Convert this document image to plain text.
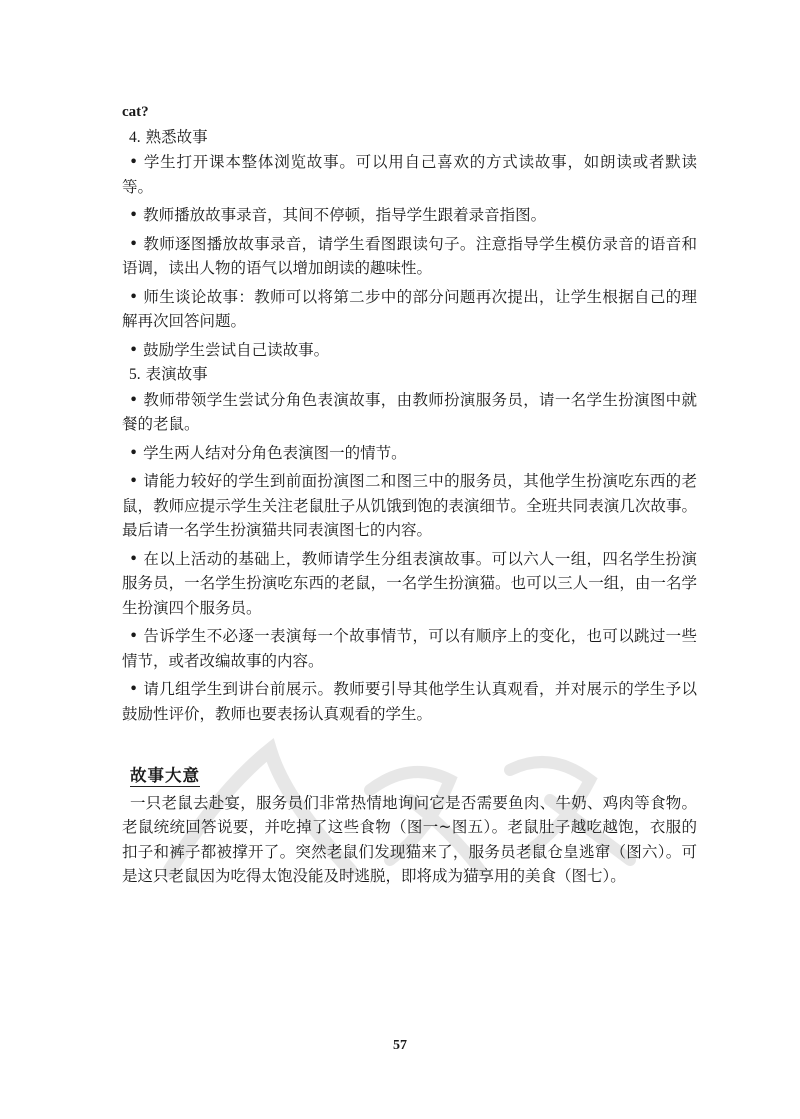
cat?

4. 熟悉故事

• 学生打开课本整体浏览故事。可以用自己喜欢的方式读故事，如朗读或者默读等。

• 教师播放故事录音，其间不停顿，指导学生跟着录音指图。

• 教师逐图播放故事录音，请学生看图跟读句子。注意指导学生模仿录音的语音和语调，读出人物的语气以增加朗读的趣味性。

• 师生谈论故事：教师可以将第二步中的部分问题再次提出，让学生根据自己的理解再次回答问题。

• 鼓励学生尝试自己读故事。

5. 表演故事

• 教师带领学生尝试分角色表演故事，由教师扮演服务员，请一名学生扮演图中就餐的老鼠。

• 学生两人结对分角色表演图一的情节。

• 请能力较好的学生到前面扮演图二和图三中的服务员，其他学生扮演吃东西的老鼠，教师应提示学生关注老鼠肚子从饥饿到饱的表演细节。全班共同表演几次故事。最后请一名学生扮演猫共同表演图七的内容。

• 在以上活动的基础上，教师请学生分组表演故事。可以六人一组，四名学生扮演服务员，一名学生扮演吃东西的老鼠，一名学生扮演猫。也可以三人一组，由一名学生扮演四个服务员。

• 告诉学生不必逐一表演每一个故事情节，可以有顺序上的变化，也可以跳过一些情节，或者改编故事的内容。

• 请几组学生到讲台前展示。教师要引导其他学生认真观看，并对展示的学生予以鼓励性评价，教师也要表扬认真观看的学生。

故事大意

一只老鼠去赴宴，服务员们非常热情地询问它是否需要鱼肉、牛奶、鸡肉等食物。老鼠统统回答说要，并吃掉了这些食物（图一~图五）。老鼠肚子越吃越饱，衣服的扣子和裤子都被撑开了。突然老鼠们发现猫来了，服务员老鼠仓皇逃窜（图六）。可是这只老鼠因为吃得太饱没能及时逃脱，即将成为猫享用的美食（图七）。

57
